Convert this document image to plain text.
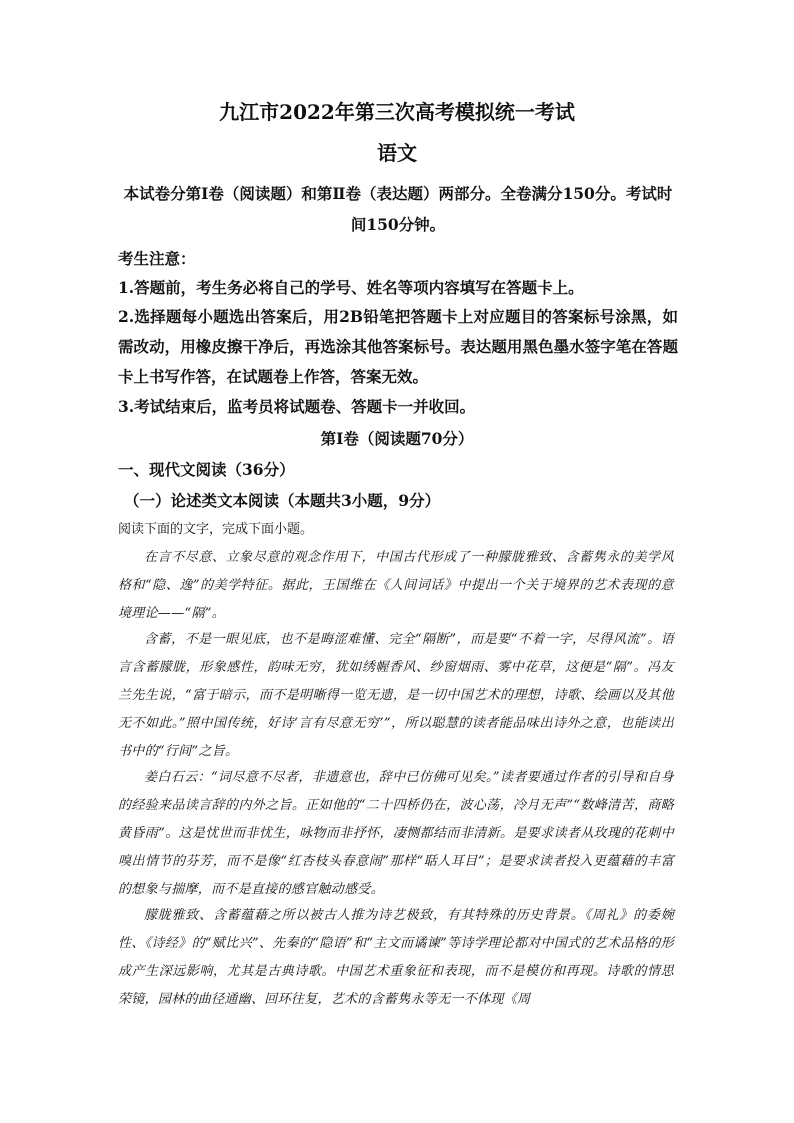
九江市2022年第三次高考模拟统一考试
语文
本试卷分第Ⅰ卷（阅读题）和第Ⅱ卷（表达题）两部分。全卷满分150分。考试时间150分钟。
考生注意：
1.答题前，考生务必将自己的学号、姓名等项内容填写在答题卡上。
2.选择题每小题选出答案后，用2B铅笔把答题卡上对应题目的答案标号涂黑，如需改动，用橡皮擦干净后，再选涂其他答案标号。表达题用黑色墨水签字笔在答题卡上书写作答，在试题卷上作答，答案无效。
3.考试结束后，监考员将试题卷、答题卡一并收回。
第Ⅰ卷（阅读题70分）
一、现代文阅读（36分）
（一）论述类文本阅读（本题共3小题，9分）
阅读下面的文字，完成下面小题。
在言不尽意、立象尽意的观念作用下，中国古代形成了一种朦胧雅致、含蓄隽永的美学风格和“隐、逸”的美学特征。据此，王国维在《人间词话》中提出一个关于境界的艺术表现的意境理论——“隔”。
含蓄，不是一眼见底，也不是晦涩难懂、完全“隔断”，而是要“不着一字，尽得风流”。语言含蓄朦胧，形象感性，韵味无穷，犹如绣幄香风、纱窗烟雨、雾中花草，这便是“隔”。冯友兰先生说，“富于暗示，而不是明晰得一览无遗，是一切中国艺术的理想，诗歌、绘画以及其他无不如此。”照中国传统，好诗‘言有尽意无穷’”，所以聪慧的读者能品味出诗外之意，也能读出书中的“行间”之旨。
姜白石云：“词尽意不尽者，非遗意也，辞中已仿佛可见矣。”读者要通过作者的引导和自身的经验来品读言辞的内外之旨。正如他的“二十四桥仍在，波心荡，冷月无声”“数峰清苦，商略黄昏雨”。这是忧世而非忧生，咏物而非抒怀，凄恻都结而非清新。是要求读者从玫瑰的花刺中嗅出情节的芬芳，而不是像“红杏枝头春意闹”那样“聒人耳目”；是要求读者投入更蕴藉的丰富的想象与揣摩，而不是直接的感官触动感受。
朦胧雅致、含蓄蕴藉之所以被古人推为诗艺极致，有其特殊的历史背景。《周礼》的委婉性、《诗经》的“赋比兴”、先秦的“隐语”和“主文而谲谏”等诗学理论都对中国式的艺术品格的形成产生深远影响，尤其是古典诗歌。中国艺术重象征和表现，而不是模仿和再现。诗歌的情思荣镜，园林的曲径通幽、回环往复，艺术的含蓄隽永等无一不体现《周
